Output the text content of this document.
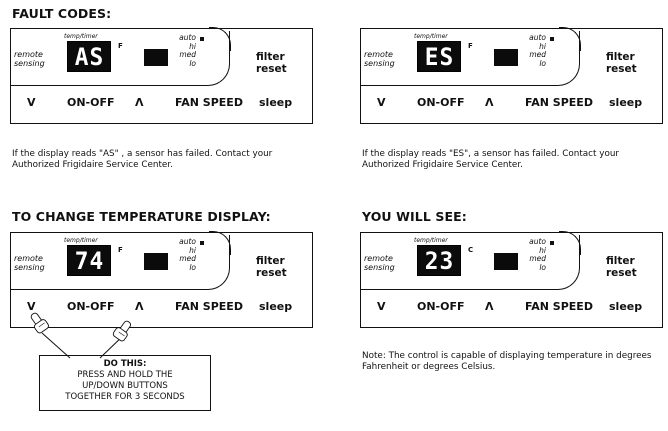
FAULT CODES:
TO CHANGE TEMPERATURE DISPLAY:	YOU WILL SEE:
remote
sensing
temp/timer
AS F
auto
hi
med
lo	filter
reset
V	ON-OFF Λ	FAN SPEED sleep
remote
sensing
temp/timer
ES F
auto
hi
med
lo	filter
reset
V	ON-OFF Λ	FAN SPEED sleep
remote
sensing
temp/timer
74 F
auto
hi
med
lo	filter
reset
V	ON-OFF Λ	FAN SPEED sleep
remote
sensing
temp/timer
23 C
auto
hi
med
lo	filter
reset
V	ON-OFF Λ	FAN SPEED sleep
If the display reads "AS" , a sensor has failed. Contact your Authorized Frigidaire Service Center.
If the display reads "ES", a sensor has failed. Contact your Authorized Frigidaire Service Center.
Note: The control is capable of displaying temperature in degrees Fahrenheit or degrees Celsius.
DO THIS:
PRESS AND HOLD THE
UP/DOWN BUTTONS
TOGETHER FOR 3 SECONDS
